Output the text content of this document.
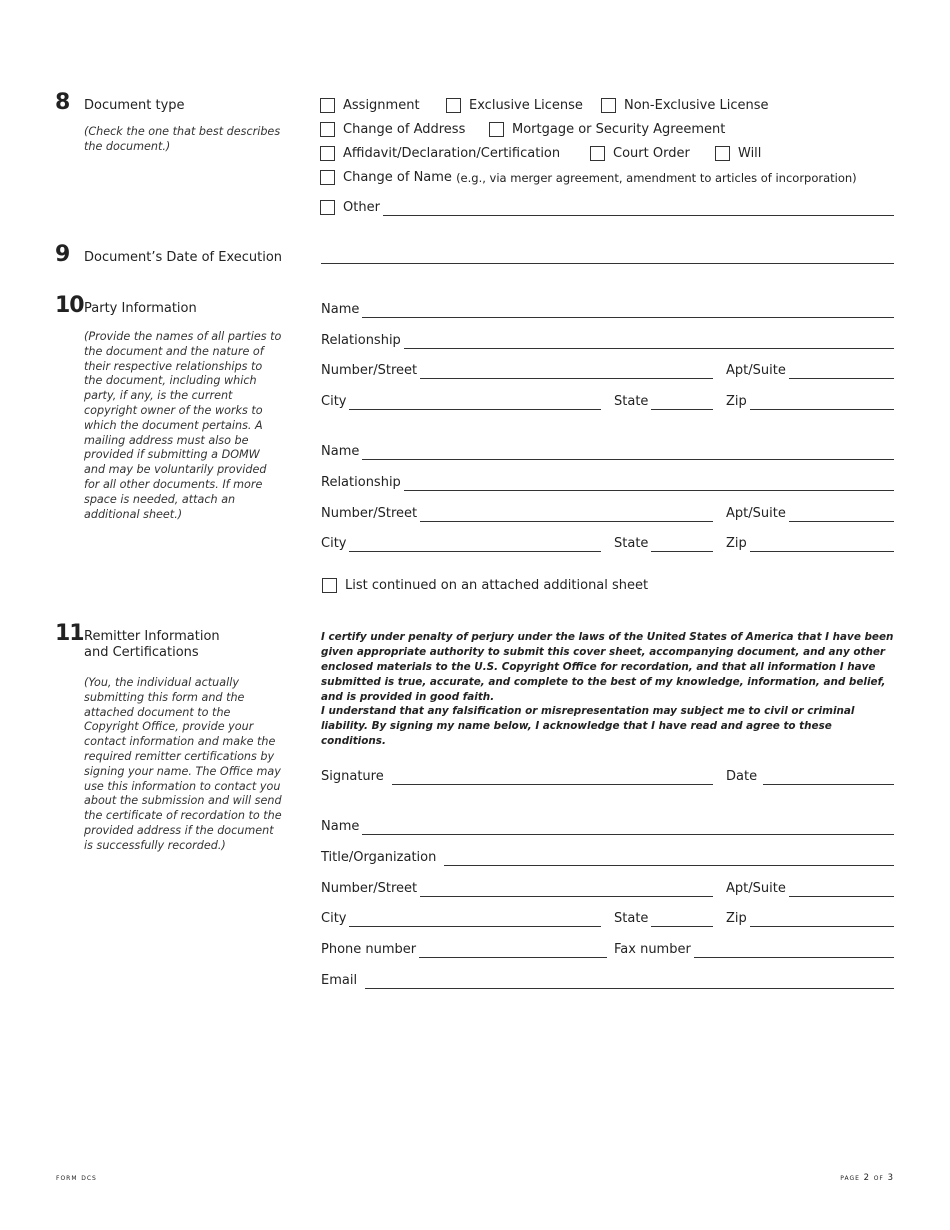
8 Document type
(Check the one that best describes the document.)
Assignment	Exclusive License	Non-Exclusive License
Change of Address	Mortgage or Security Agreement
Affidavit/Declaration/Certification	Court Order	Will
Change of Name
(e.g., via merger agreement, amendment to articles of incorporation)
Other
9 Document’s Date of Execution
10 Party Information
(Provide the names of all parties to the document and the nature of their respective relationships to the document, including which party, if any, is the current copyright owner of the works to which the document pertains. A mailing address must also be provided if submitting a DOMW and may be voluntarily provided for all other documents. If more space is needed, attach an additional sheet.)
Name
Relationship
Number/Street	Apt/Suite
City	State	Zip
Name
Relationship
Number/Street	Apt/Suite
City	State	Zip
List continued on an attached additional sheet
11 Remitter Information
and Certifications
(You, the individual actually submitting this form and the attached document to the Copyright Office, provide your contact information and make the required remitter certifications by signing your name. The Office may use this information to contact you about the submission and will send the certificate of recordation to the provided address if the document is successfully recorded.)
I certify under penalty of perjury under the laws of the United States of America that I have been given appropriate authority to submit this cover sheet, accompanying document, and any other enclosed materials to the U.S. Copyright Office for recordation, and that all information I have submitted is true, accurate, and complete to the best of my knowledge, information, and belief, and is provided in good faith.
I understand that any falsification or misrepresentation may subject me to civil or criminal liability. By signing my name below, I acknowledge that I have read and agree to these conditions.
Signature	Date
Name
Title/Organization
Number/Street	Apt/Suite
City	State	Zip
Phone number	Fax number
Email
form dcs	page 2 of 3
